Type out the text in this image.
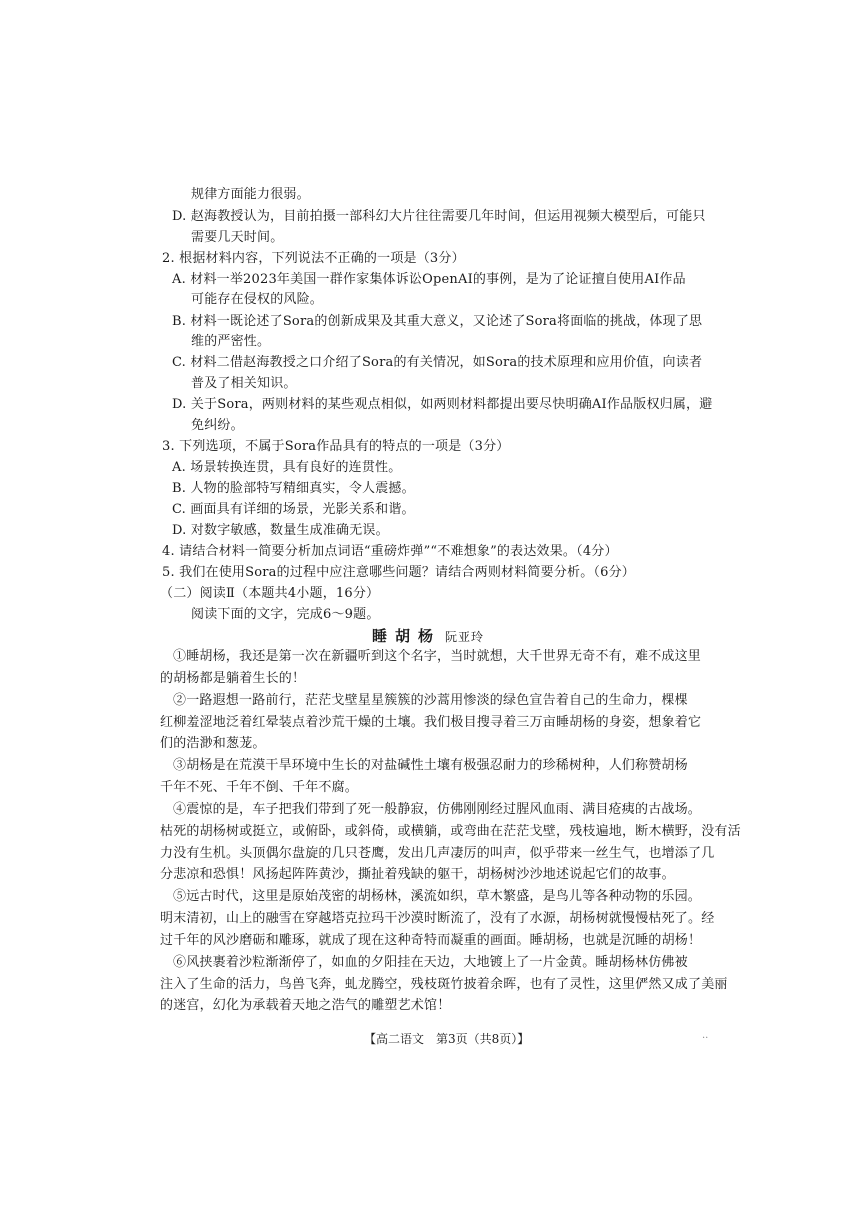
规律方面能力很弱。
D. 赵海教授认为，目前拍摄一部科幻大片往往需要几年时间，但运用视频大模型后，可能只
需要几天时间。
2. 根据材料内容，下列说法不正确的一项是（3分）
A. 材料一举2023年美国一群作家集体诉讼OpenAI的事例，是为了论证擅自使用AI作品
可能存在侵权的风险。
B. 材料一既论述了Sora的创新成果及其重大意义，又论述了Sora将面临的挑战，体现了思
维的严密性。
C. 材料二借赵海教授之口介绍了Sora的有关情况，如Sora的技术原理和应用价值，向读者
普及了相关知识。
D. 关于Sora，两则材料的某些观点相似，如两则材料都提出要尽快明确AI作品版权归属，避
免纠纷。
3. 下列选项，不属于Sora作品具有的特点的一项是（3分）
A. 场景转换连贯，具有良好的连贯性。
B. 人物的脸部特写精细真实，令人震撼。
C. 画面具有详细的场景，光影关系和谐。
D. 对数字敏感，数量生成准确无误。
4. 请结合材料一简要分析加点词语“重磅炸弹”“不难想象”的表达效果。（4分）
5. 我们在使用Sora的过程中应注意哪些问题？请结合两则材料简要分析。（6分）
（二）阅读Ⅱ（本题共4小题，16分）
阅读下面的文字，完成6～9题。
睡胡杨 阮亚玲
①睡胡杨，我还是第一次在新疆听到这个名字，当时就想，大千世界无奇不有，难不成这里
的胡杨都是躺着生长的！
②一路遐想一路前行，茫茫戈壁星星簇簇的沙蒿用惨淡的绿色宣告着自己的生命力，棵棵
红柳羞涩地泛着红晕装点着沙荒干燥的土壤。我们极目搜寻着三万亩睡胡杨的身姿，想象着它
们的浩渺和葱茏。
③胡杨是在荒漠干旱环境中生长的对盐碱性土壤有极强忍耐力的珍稀树种，人们称赞胡杨
千年不死、千年不倒、千年不腐。
④震惊的是，车子把我们带到了死一般静寂，仿佛刚刚经过腥风血雨、满目疮痍的古战场。
枯死的胡杨树或挺立，或俯卧，或斜倚，或横躺，或弯曲在茫茫戈壁，残枝遍地，断木横野，没有活
力没有生机。头顶偶尔盘旋的几只苍鹰，发出几声凄厉的叫声，似乎带来一丝生气，也增添了几
分悲凉和恐惧！风扬起阵阵黄沙，撕扯着残缺的躯干，胡杨树沙沙地述说起它们的故事。
⑤远古时代，这里是原始茂密的胡杨林，溪流如织，草木繁盛，是鸟儿等各种动物的乐园。
明末清初，山上的融雪在穿越塔克拉玛干沙漠时断流了，没有了水源，胡杨树就慢慢枯死了。经
过千年的风沙磨砺和雕琢，就成了现在这种奇特而凝重的画面。睡胡杨，也就是沉睡的胡杨！
⑥风挟裹着沙粒渐渐停了，如血的夕阳挂在天边，大地镀上了一片金黄。睡胡杨林仿佛被
注入了生命的活力，鸟兽飞奔，虬龙腾空，残枝斑竹披着余晖，也有了灵性，这里俨然又成了美丽
的迷宫，幻化为承载着天地之浩气的雕塑艺术馆！
【高二语文　第3页（共8页）】	..
